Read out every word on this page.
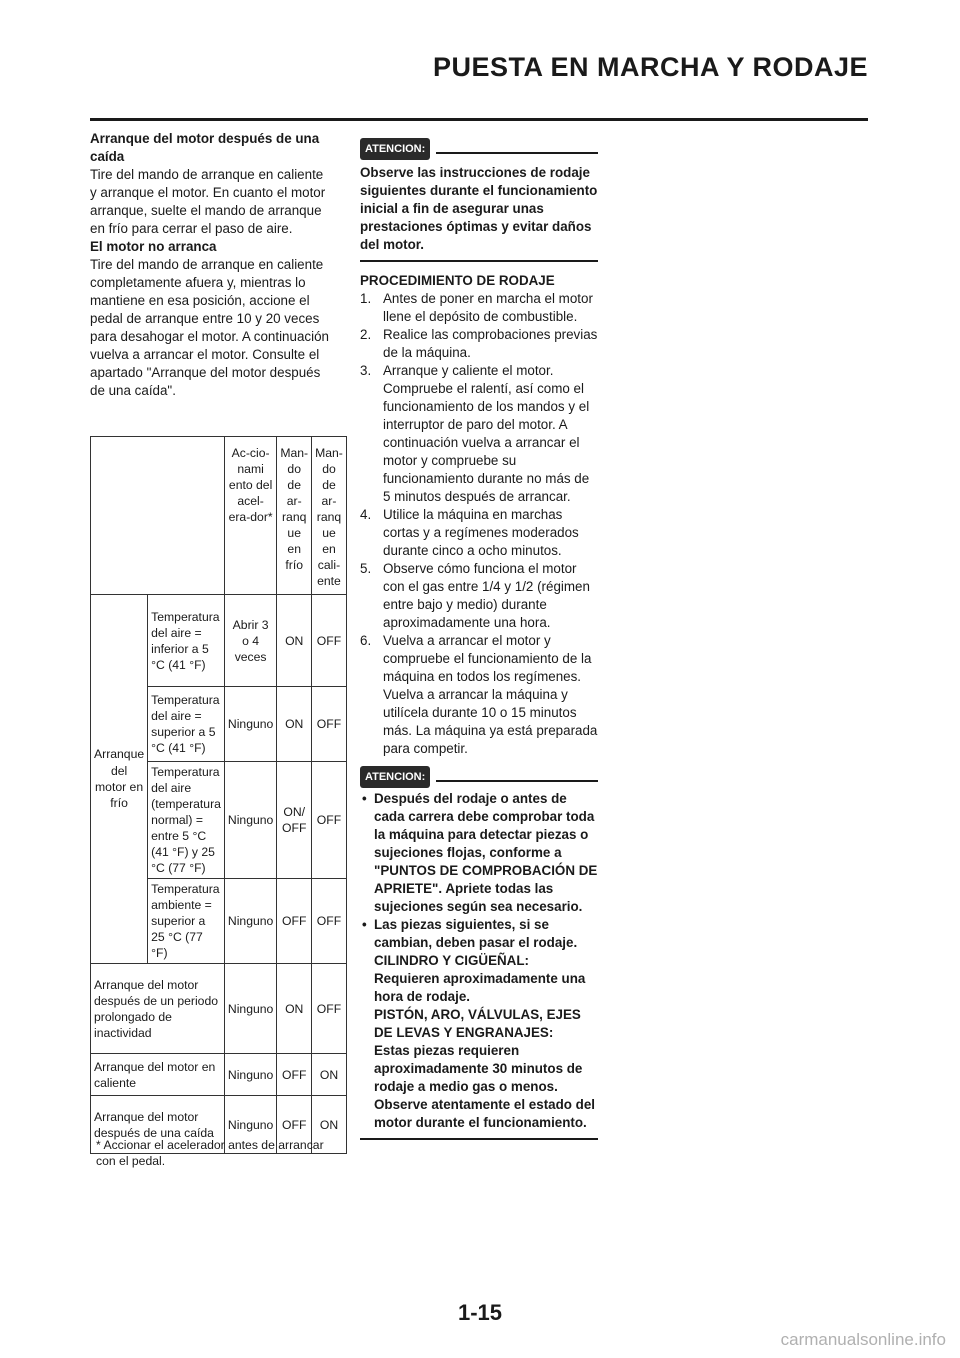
PUESTA EN MARCHA Y RODAJE

Arranque del motor después de una caída

Tire del mando de arranque en caliente y arranque el motor. En cuanto el motor arranque, suelte el mando de arranque en frío para cerrar el paso de aire.

El motor no arranca

Tire del mando de arranque en caliente completamente afuera y, mientras lo mantiene en esa posición, accione el pedal de arranque entre 10 y 20 veces para desahogar el motor. A continuación vuelva a arrancar el motor. Consulte el apartado "Arranque del motor después de una caída".

		Ac-cio-nami ento del acel-era-dor*	Man-do de ar-ranq ue en frío	Man-do de ar-ranq ue en cali-ente
Arranque del motor en frío	Temperatura del aire = inferior a 5 °C (41 °F)	Abrir 3 o 4 veces	ON	OFF
	Temperatura del aire = superior a 5 °C (41 °F)	Ninguno	ON	OFF
	Temperatura del aire (temperatura normal) = entre 5 °C (41 °F) y 25 °C (77 °F)	Ninguno	ON/ OFF	OFF
	Temperatura ambiente = superior a 25 °C (77 °F)	Ninguno	OFF	OFF
Arranque del motor después de un periodo prolongado de inactividad		Ninguno	ON	OFF
Arranque del motor en caliente		Ninguno	OFF	ON
Arranque del motor después de una caída		Ninguno	OFF	ON
* Accionar el acelerador antes de arrancar con el pedal.
ATENCION:
Observe las instrucciones de rodaje siguientes durante el funcionamiento inicial a fin de asegurar unas prestaciones óptimas y evitar daños del motor.
PROCEDIMIENTO DE RODAJE
1. Antes de poner en marcha el motor llene el depósito de combustible.
2. Realice las comprobaciones previas de la máquina.
3. Arranque y caliente el motor. Compruebe el ralentí, así como el funcionamiento de los mandos y el interruptor de paro del motor. A continuación vuelva a arrancar el motor y compruebe su funcionamiento durante no más de 5 minutos después de arrancar.
4. Utilice la máquina en marchas cortas y a regímenes moderados durante cinco a ocho minutos.
5. Observe cómo funciona el motor con el gas entre 1/4 y 1/2 (régimen entre bajo y medio) durante aproximadamente una hora.
6. Vuelva a arrancar el motor y compruebe el funcionamiento de la máquina en todos los regímenes. Vuelva a arrancar la máquina y utilícela durante 10 o 15 minutos más. La máquina ya está preparada para competir.
ATENCION:
• Después del rodaje o antes de cada carrera debe comprobar toda la máquina para detectar piezas o sujeciones flojas, conforme a "PUNTOS DE COMPROBACIÓN DE APRIETE". Apriete todas las sujeciones según sea necesario.
• Las piezas siguientes, si se cambian, deben pasar el rodaje.
CILINDRO Y CIGÜEÑAL:
Requieren aproximadamente una hora de rodaje.
PISTÓN, ARO, VÁLVULAS, EJES DE LEVAS Y ENGRANAJES:
Estas piezas requieren aproximadamente 30 minutos de rodaje a medio gas o menos. Observe atentamente el estado del motor durante el funcionamiento.
1-15
carmanualsonline.info
